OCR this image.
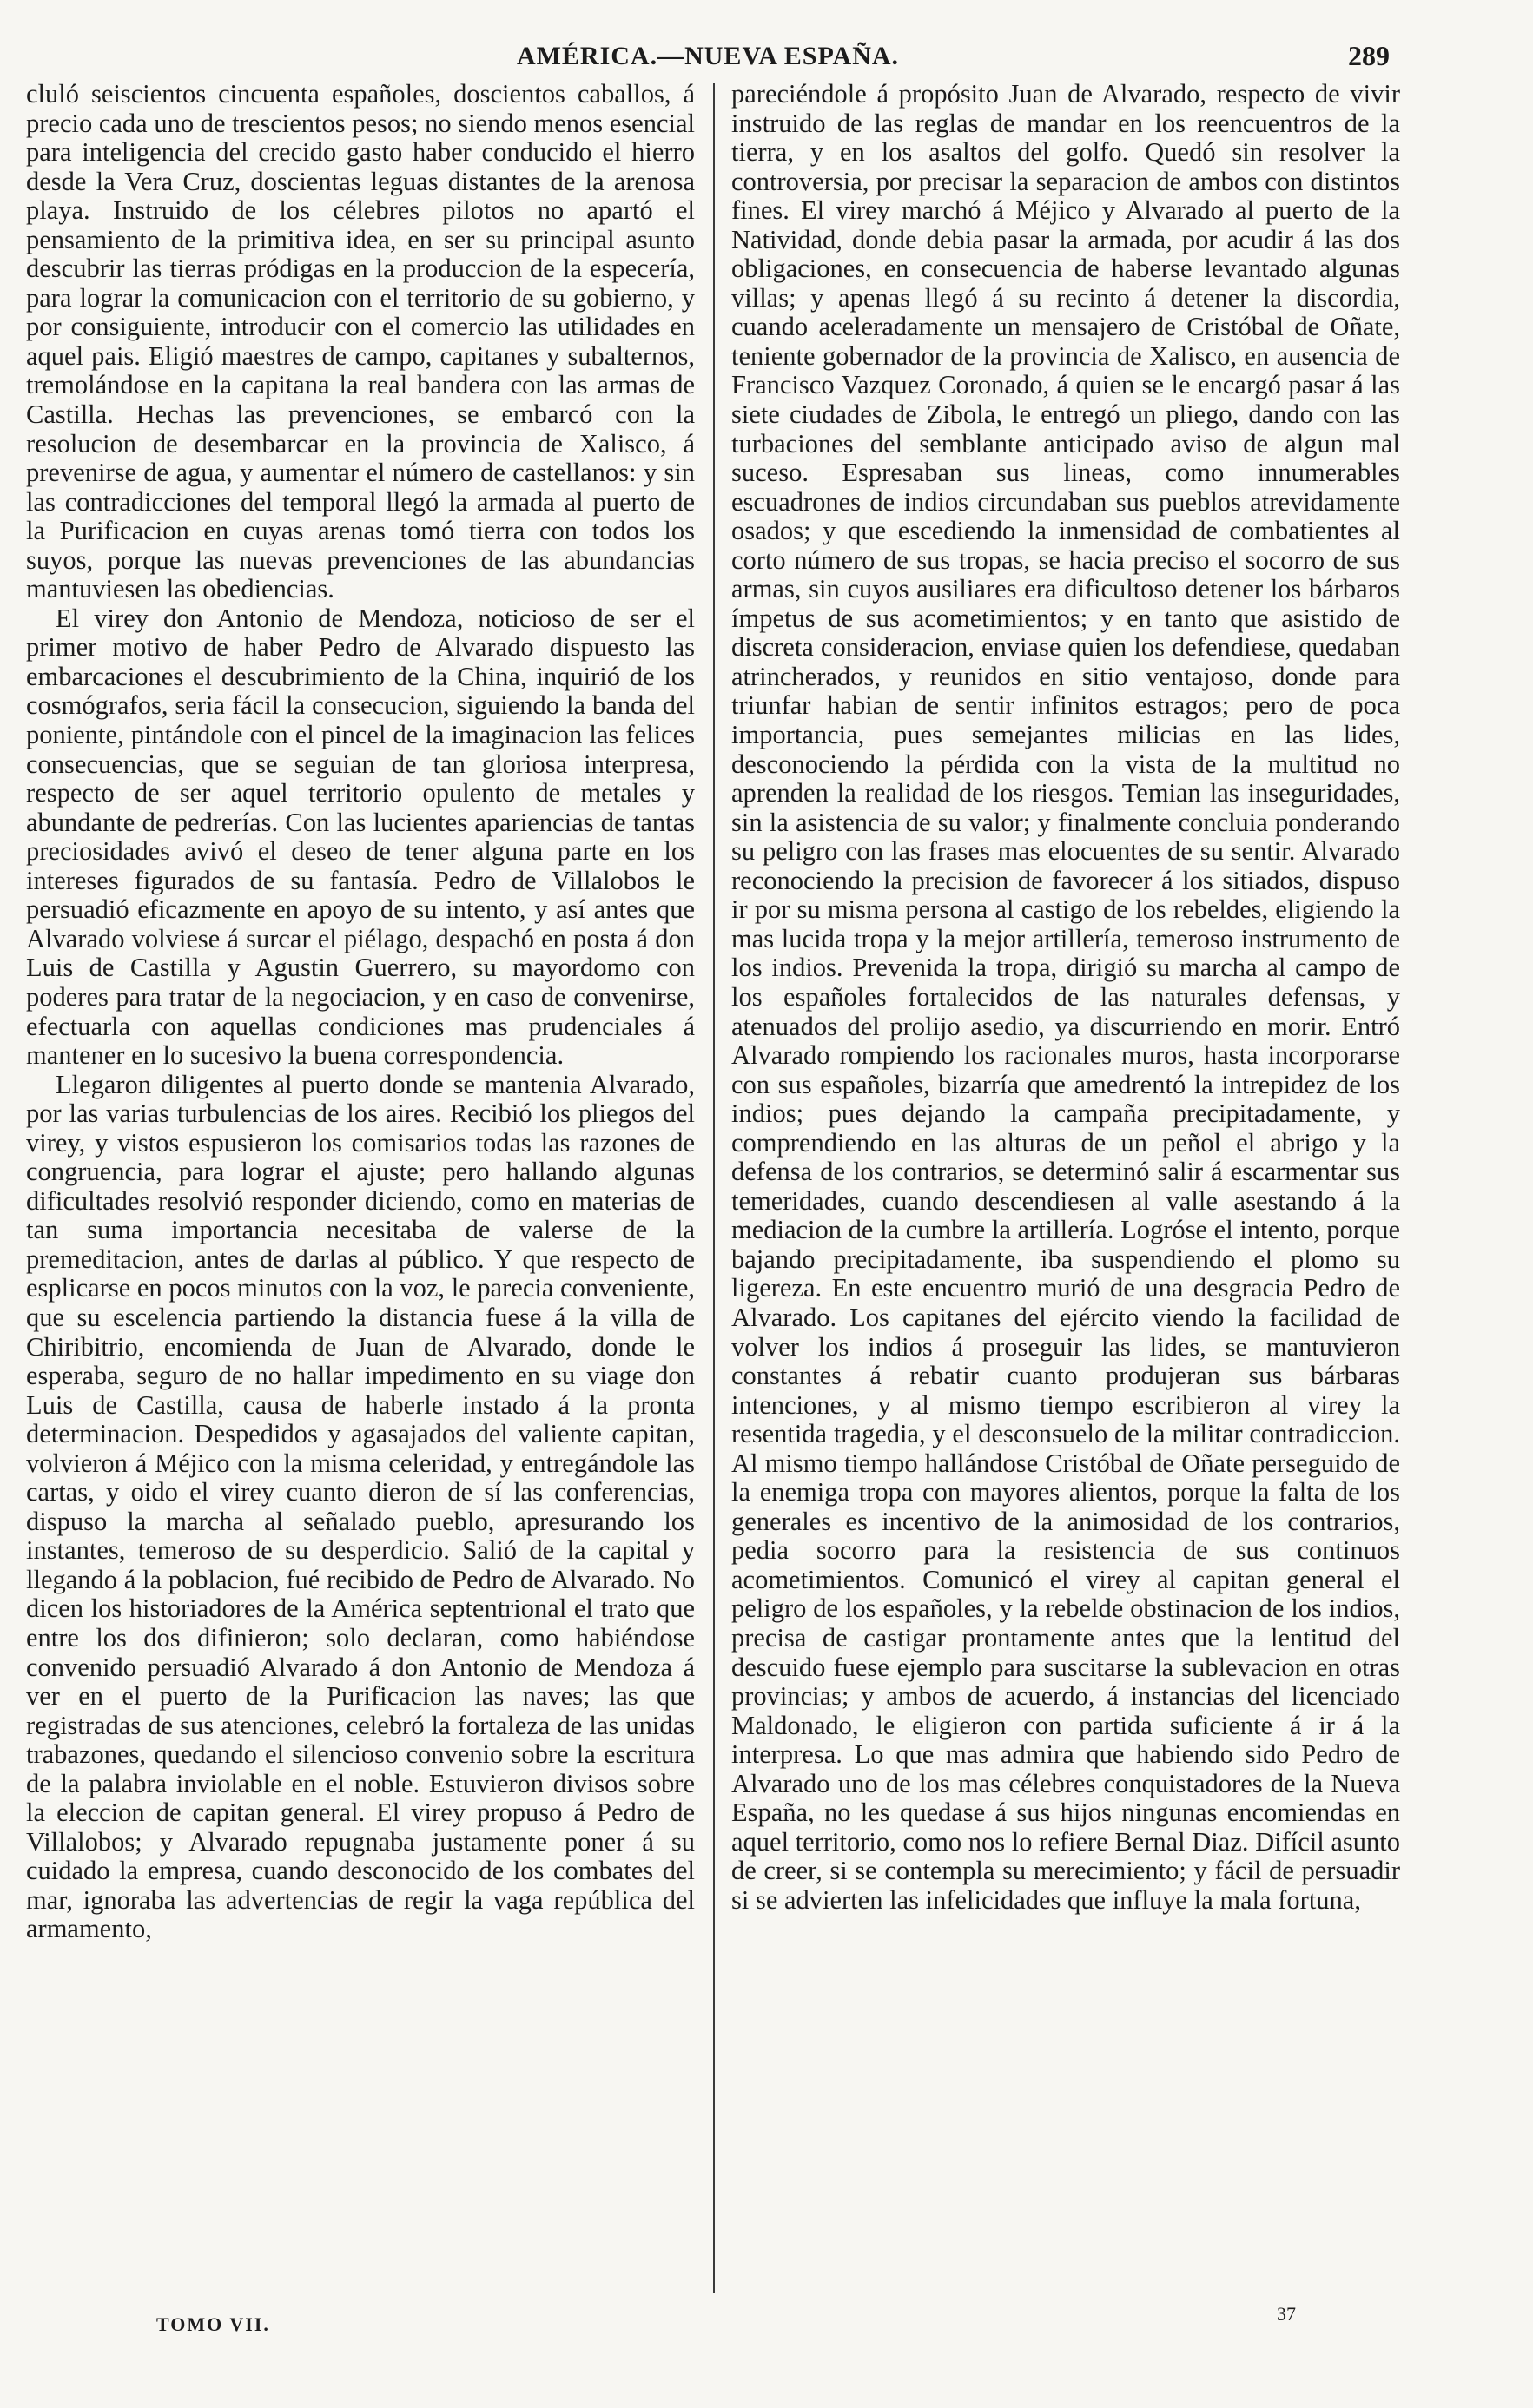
AMÉRICA.—NUEVA ESPAÑA.	289

cluló seiscientos cincuenta españoles, doscientos caballos, á precio cada uno de trescientos pesos; no siendo menos esencial para inteligencia del crecido gasto haber conducido el hierro desde la Vera Cruz, doscientas leguas distantes de la arenosa playa. Instruido de los célebres pilotos no apartó el pensamiento de la primitiva idea, en ser su principal asunto descubrir las tierras pródigas en la produccion de la especería, para lograr la comunicacion con el territorio de su gobierno, y por consiguiente, introducir con el comercio las utilidades en aquel pais. Eligió maestres de campo, capitanes y subalternos, tremolándose en la capitana la real bandera con las armas de Castilla. Hechas las prevenciones, se embarcó con la resolucion de desembarcar en la provincia de Xalisco, á prevenirse de agua, y aumentar el número de castellanos: y sin las contradicciones del temporal llegó la armada al puerto de la Purificacion en cuyas arenas tomó tierra con todos los suyos, porque las nuevas prevenciones de las abundancias mantuviesen las obediencias.

El virey don Antonio de Mendoza, noticioso de ser el primer motivo de haber Pedro de Alvarado dispuesto las embarcaciones el descubrimiento de la China, inquirió de los cosmógrafos, seria fácil la consecucion, siguiendo la banda del poniente, pintándole con el pincel de la imaginacion las felices consecuencias, que se seguian de tan gloriosa interpresa, respecto de ser aquel territorio opulento de metales y abundante de pedrerías. Con las lucientes apariencias de tantas preciosidades avivó el deseo de tener alguna parte en los intereses figurados de su fantasía. Pedro de Villalobos le persuadió eficazmente en apoyo de su intento, y así antes que Alvarado volviese á surcar el piélago, despachó en posta á don Luis de Castilla y Agustin Guerrero, su mayordomo con poderes para tratar de la negociacion, y en caso de convenirse, efectuarla con aquellas condiciones mas prudenciales á mantener en lo sucesivo la buena correspondencia.

Llegaron diligentes al puerto donde se mantenia Alvarado, por las varias turbulencias de los aires. Recibió los pliegos del virey, y vistos espusieron los comisarios todas las razones de congruencia, para lograr el ajuste; pero hallando algunas dificultades resolvió responder diciendo, como en materias de tan suma importancia necesitaba de valerse de la premeditacion, antes de darlas al público. Y que respecto de esplicarse en pocos minutos con la voz, le parecia conveniente, que su escelencia partiendo la distancia fuese á la villa de Chiribitrio, encomienda de Juan de Alvarado, donde le esperaba, seguro de no hallar impedimento en su viage don Luis de Castilla, causa de haberle instado á la pronta determinacion. Despedidos y agasajados del valiente capitan, volvieron á Méjico con la misma celeridad, y entregándole las cartas, y oido el virey cuanto dieron de sí las conferencias, dispuso la marcha al señalado pueblo, apresurando los instantes, temeroso de su desperdicio. Salió de la capital y llegando á la poblacion, fué recibido de Pedro de Alvarado. No dicen los historiadores de la América septentrional el trato que entre los dos difinieron; solo declaran, como habiéndose convenido persuadió Alvarado á don Antonio de Mendoza á ver en el puerto de la Purificacion las naves; las que registradas de sus atenciones, celebró la fortaleza de las unidas trabazones, quedando el silencioso convenio sobre la escritura de la palabra inviolable en el noble. Estuvieron divisos sobre la eleccion de capitan general. El virey propuso á Pedro de Villalobos; y Alvarado repugnaba justamente poner á su cuidado la empresa, cuando desconocido de los combates del mar, ignoraba las advertencias de regir la vaga república del armamento,

pareciéndole á propósito Juan de Alvarado, respecto de vivir instruido de las reglas de mandar en los reencuentros de la tierra, y en los asaltos del golfo. Quedó sin resolver la controversia, por precisar la separacion de ambos con distintos fines. El virey marchó á Méjico y Alvarado al puerto de la Natividad, donde debia pasar la armada, por acudir á las dos obligaciones, en consecuencia de haberse levantado algunas villas; y apenas llegó á su recinto á detener la discordia, cuando aceleradamente un mensajero de Cristóbal de Oñate, teniente gobernador de la provincia de Xalisco, en ausencia de Francisco Vazquez Coronado, á quien se le encargó pasar á las siete ciudades de Zibola, le entregó un pliego, dando con las turbaciones del semblante anticipado aviso de algun mal suceso. Espresaban sus lineas, como innumerables escuadrones de indios circundaban sus pueblos atrevidamente osados; y que escediendo la inmensidad de combatientes al corto número de sus tropas, se hacia preciso el socorro de sus armas, sin cuyos ausiliares era dificultoso detener los bárbaros ímpetus de sus acometimientos; y en tanto que asistido de discreta consideracion, enviase quien los defendiese, quedaban atrincherados, y reunidos en sitio ventajoso, donde para triunfar habian de sentir infinitos estragos; pero de poca importancia, pues semejantes milicias en las lides, desconociendo la pérdida con la vista de la multitud no aprenden la realidad de los riesgos. Temian las inseguridades, sin la asistencia de su valor; y finalmente concluia ponderando su peligro con las frases mas elocuentes de su sentir. Alvarado reconociendo la precision de favorecer á los sitiados, dispuso ir por su misma persona al castigo de los rebeldes, eligiendo la mas lucida tropa y la mejor artillería, temeroso instrumento de los indios. Prevenida la tropa, dirigió su marcha al campo de los españoles fortalecidos de las naturales defensas, y atenuados del prolijo asedio, ya discurriendo en morir. Entró Alvarado rompiendo los racionales muros, hasta incorporarse con sus españoles, bizarría que amedrentó la intrepidez de los indios; pues dejando la campaña precipitadamente, y comprendiendo en las alturas de un peñol el abrigo y la defensa de los contrarios, se determinó salir á escarmentar sus temeridades, cuando descendiesen al valle asestando á la mediacion de la cumbre la artillería. Logróse el intento, porque bajando precipitadamente, iba suspendiendo el plomo su ligereza. En este encuentro murió de una desgracia Pedro de Alvarado. Los capitanes del ejército viendo la facilidad de volver los indios á proseguir las lides, se mantuvieron constantes á rebatir cuanto produjeran sus bárbaras intenciones, y al mismo tiempo escribieron al virey la resentida tragedia, y el desconsuelo de la militar contradiccion. Al mismo tiempo hallándose Cristóbal de Oñate perseguido de la enemiga tropa con mayores alientos, porque la falta de los generales es incentivo de la animosidad de los contrarios, pedia socorro para la resistencia de sus continuos acometimientos. Comunicó el virey al capitan general el peligro de los españoles, y la rebelde obstinacion de los indios, precisa de castigar prontamente antes que la lentitud del descuido fuese ejemplo para suscitarse la sublevacion en otras provincias; y ambos de acuerdo, á instancias del licenciado Maldonado, le eligieron con partida suficiente á ir á la interpresa. Lo que mas admira que habiendo sido Pedro de Alvarado uno de los mas célebres conquistadores de la Nueva España, no les quedase á sus hijos ningunas encomiendas en aquel territorio, como nos lo refiere Bernal Diaz. Difícil asunto de creer, si se contempla su merecimiento; y fácil de persuadir si se advierten las infelicidades que influye la mala fortuna,

TOMO VII.	37
